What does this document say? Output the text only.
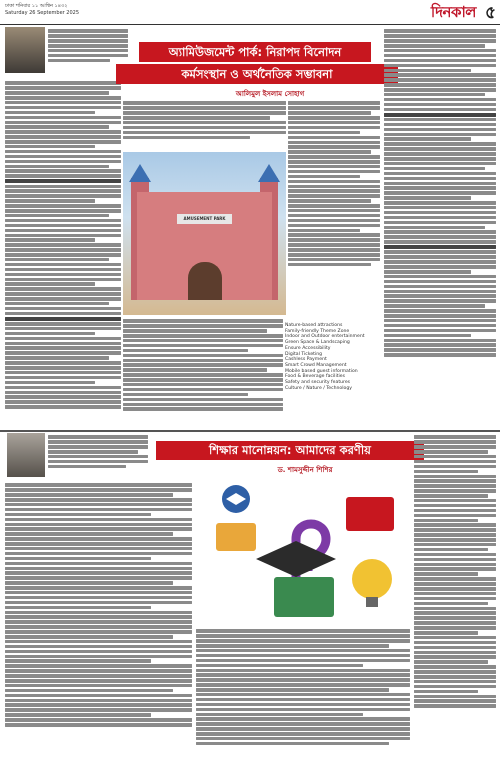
ঢাকা শনিবার ১১ আশ্বিন ১৪৩২
Saturday 26 September 2025	দিনকাল ৫
অ্যামিউজমেন্ট পার্ক: নিরাপদ বিনোদন
কর্মসংস্থান ও অর্থনৈতিক সম্ভাবনা
আলিমুল ইসলাম সোহাগ
AMUSEMENT PARK
Nature-based attractions
Family-friendly Theme Zone
Indoor and Outdoor entertainment
Green Space & Landscaping
Ensure Accessibility
Digital Ticketing
Cashless Payment
Smart Crowd Management
Mobile based guest information
Food & Beverage facilities
Safety and security features
Culture / Nature / Technology
শিক্ষার মানোন্নয়ন: আমাদের করণীয়
ড. শামসুদ্দীন শিশির
